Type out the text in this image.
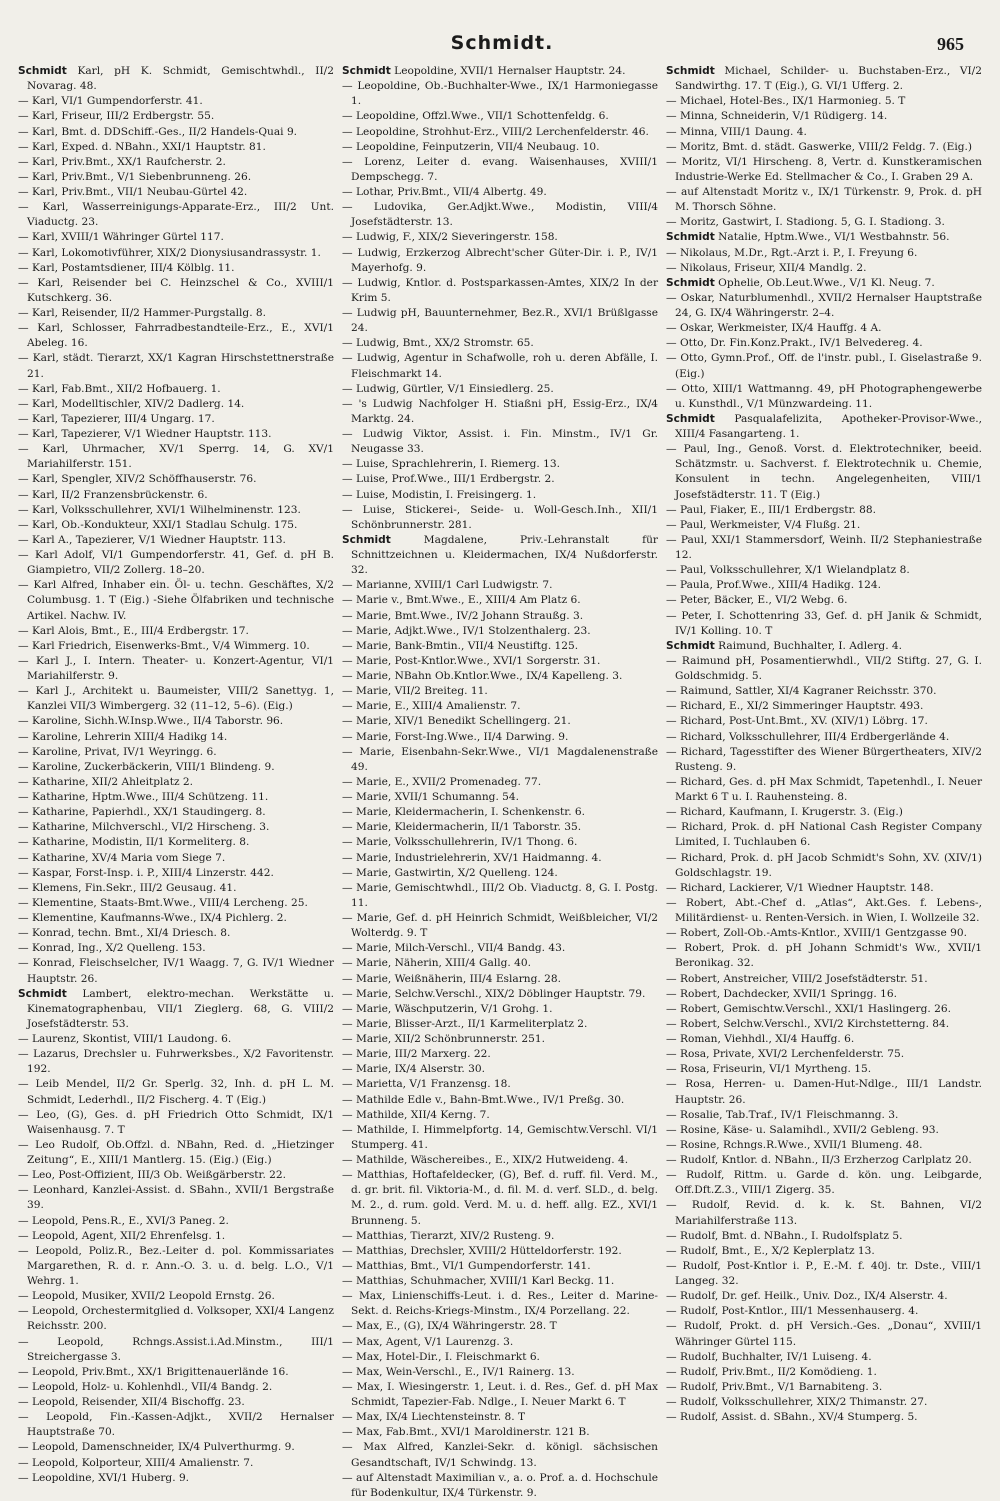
Schmidt.	965
Schmidt Karl, pH K. Schmidt, Gemischtwhdl., II/2 Novarag. 48.
— Karl, VI/1 Gumpendorferstr. 41.
— Karl, Friseur, III/2 Erdbergstr. 55.
— Karl, Bmt. d. DDSchiff.-Ges., II/2 Handels-Quai 9.
— Karl, Exped. d. NBahn., XXI/1 Hauptstr. 81.
— Karl, Priv.Bmt., XX/1 Raufcherstr. 2.
— Karl, Priv.Bmt., V/1 Siebenbrunneng. 26.
— Karl, Priv.Bmt., VII/1 Neubau-Gürtel 42.
— Karl, Wasserreinigungs-Apparate-Erz., III/2 Unt. Viaductg. 23.
— Karl, XVIII/1 Währinger Gürtel 117.
— Karl, Lokomotivführer, XIX/2 Dionysiusandrassystr. 1.
— Karl, Postamtsdiener, III/4 Kölblg. 11.
— Karl, Reisender bei C. Heinzschel & Co., XVIII/1 Kutschkerg. 36.
— Karl, Reisender, II/2 Hammer-Purgstallg. 8.
— Karl, Schlosser, Fahrradbestandteile-Erz., E., XVI/1 Abeleg. 16.
— Karl, städt. Tierarzt, XX/1 Kagran Hirschstettnerstraße 21.
— Karl, Fab.Bmt., XII/2 Hofbauerg. 1.
— Karl, Modelltischler, XIV/2 Dadlerg. 14.
— Karl, Tapezierer, III/4 Ungarg. 17.
— Karl, Tapezierer, V/1 Wiedner Hauptstr. 113.
— Karl, Uhrmacher, XV/1 Sperrg. 14, G. XV/1 Mariahilferstr. 151.
— Karl, Spengler, XIV/2 Schöffhauserstr. 76.
— Karl, II/2 Franzensbrückenstr. 6.
— Karl, Volksschullehrer, XVI/1 Wilhelminenstr. 123.
— Karl, Ob.-Kondukteur, XXI/1 Stadlau Schulg. 175.
— Karl A., Tapezierer, V/1 Wiedner Hauptstr. 113.
— Karl Adolf, VI/1 Gumpendorferstr. 41, Gef. d. pH B. Giampietro, VII/2 Zollerg. 18–20.
— Karl Alfred, Inhaber ein. Öl- u. techn. Geschäftes, X/2 Columbusg. 1. T (Eig.) -Siehe Ölfabriken und technische Artikel. Nachw. IV.
— Karl Alois, Bmt., E., III/4 Erdbergstr. 17.
— Karl Friedrich, Eisenwerks-Bmt., V/4 Wimmerg. 10.
— Karl J., I. Intern. Theater- u. Konzert-Agentur, VI/1 Mariahilferstr. 9.
— Karl J., Architekt u. Baumeister, VIII/2 Sanettyg. 1, Kanzlei VII/3 Wimbergerg. 32 (11–12, 5–6). (Eig.)
— Karoline, Sichh.W.Insp.Wwe., II/4 Taborstr. 96.
— Karoline, Lehrerin XIII/4 Hadikg 14.
— Karoline, Privat, IV/1 Weyringg. 6.
— Karoline, Zuckerbäckerin, VIII/1 Blindeng. 9.
— Katharine, XII/2 Ahleitplatz 2.
— Katharine, Hptm.Wwe., III/4 Schützeng. 11.
— Katharine, Papierhdl., XX/1 Staudingerg. 8.
— Katharine, Milchverschl., VI/2 Hirscheng. 3.
— Katharine, Modistin, II/1 Kormeliterg. 8.
— Katharine, XV/4 Maria vom Siege 7.
— Kaspar, Forst-Insp. i. P., XIII/4 Linzerstr. 442.
— Klemens, Fin.Sekr., III/2 Geusaug. 41.
— Klementine, Staats-Bmt.Wwe., VIII/4 Lercheng. 25.
— Klementine, Kaufmanns-Wwe., IX/4 Pichlerg. 2.
— Konrad, techn. Bmt., XI/4 Driesch. 8.
— Konrad, Ing., X/2 Quelleng. 153.
— Konrad, Fleischselcher, IV/1 Waagg. 7, G. IV/1 Wiedner Hauptstr. 26.
Schmidt Lambert, elektro-mechan. Werkstätte u. Kinematographenbau, VII/1 Zieglerg. 68, G. VIII/2 Josefstädterstr. 53.
— Laurenz, Skontist, VIII/1 Laudong. 6.
— Lazarus, Drechsler u. Fuhrwerksbes., X/2 Favoritenstr. 192.
— Leib Mendel, II/2 Gr. Sperlg. 32, Inh. d. pH L. M. Schmidt, Lederhdl., II/2 Fischerg. 4. T (Eig.)
— Leo, (G), Ges. d. pH Friedrich Otto Schmidt, IX/1 Waisenhausg. 7. T
— Leo Rudolf, Ob.Offzl. d. NBahn, Red. d. „Hietzinger Zeitung“, E., XIII/1 Mantlerg. 15. (Eig.) (Eig.)
— Leo, Post-Offizient, III/3 Ob. Weißgärberstr. 22.
— Leonhard, Kanzlei-Assist. d. SBahn., XVII/1 Bergstraße 39.
— Leopold, Pens.R., E., XVI/3 Paneg. 2.
— Leopold, Agent, XII/2 Ehrenfelsg. 1.
— Leopold, Poliz.R., Bez.-Leiter d. pol. Kommissariates Margarethen, R. d. r. Ann.-O. 3. u. d. belg. L.O., V/1 Wehrg. 1.
— Leopold, Musiker, XVII/2 Leopold Ernstg. 26.
— Leopold, Orchestermitglied d. Volksoper, XXI/4 Langenz Reichsstr. 200.
— Leopold, Rchngs.Assist.i.Ad.Minstm., III/1 Streichergasse 3.
— Leopold, Priv.Bmt., XX/1 Brigittenauerlände 16.
— Leopold, Holz- u. Kohlenhdl., VII/4 Bandg. 2.
— Leopold, Reisender, XII/4 Bischoffg. 23.
— Leopold, Fin.-Kassen-Adjkt., XVII/2 Hernalser Hauptstraße 70.
— Leopold, Damenschneider, IX/4 Pulverthurmg. 9.
— Leopold, Kolporteur, XIII/4 Amalienstr. 7.
— Leopoldine, XVI/1 Huberg. 9.
Schmidt Leopoldine, XVII/1 Hernalser Hauptstr. 24.
— Leopoldine, Ob.-Buchhalter-Wwe., IX/1 Harmoniegasse 1.
— Leopoldine, Offzl.Wwe., VII/1 Schottenfeldg. 6.
— Leopoldine, Strohhut-Erz., VIII/2 Lerchenfelderstr. 46.
— Leopoldine, Feinputzerin, VII/4 Neubaug. 10.
— Lorenz, Leiter d. evang. Waisenhauses, XVIII/1 Dempschegg. 7.
— Lothar, Priv.Bmt., VII/4 Albertg. 49.
— Ludovika, Ger.Adjkt.Wwe., Modistin, VIII/4 Josefstädterstr. 13.
— Ludwig, F., XIX/2 Sieveringerstr. 158.
— Ludwig, Erzkerzog Albrecht'scher Güter-Dir. i. P., IV/1 Mayerhofg. 9.
— Ludwig, Kntlor. d. Postsparkassen-Amtes, XIX/2 In der Krim 5.
— Ludwig pH, Bauunternehmer, Bez.R., XVI/1 Brüßlgasse 24.
— Ludwig, Bmt., XX/2 Stromstr. 65.
— Ludwig, Agentur in Schafwolle, roh u. deren Abfälle, I. Fleischmarkt 14.
— Ludwig, Gürtler, V/1 Einsiedlerg. 25.
— 's Ludwig Nachfolger H. Stiaßni pH, Essig-Erz., IX/4 Marktg. 24.
— Ludwig Viktor, Assist. i. Fin. Minstm., IV/1 Gr. Neugasse 33.
— Luise, Sprachlehrerin, I. Riemerg. 13.
— Luise, Prof.Wwe., III/1 Erdbergstr. 2.
— Luise, Modistin, I. Freisingerg. 1.
— Luise, Stickerei-, Seide- u. Woll-Gesch.Inh., XII/1 Schönbrunnerstr. 281.
Schmidt	Magdalene, Priv.-Lehranstalt für Schnittzeichnen u. Kleidermachen, IX/4 Nußdorferstr. 32.
— Marianne, XVIII/1 Carl Ludwigstr. 7.
— Marie v., Bmt.Wwe., E., XIII/4 Am Platz 6.
— Marie, Bmt.Wwe., IV/2 Johann Straußg. 3.
— Marie, Adjkt.Wwe., IV/1 Stolzenthalerg. 23.
— Marie, Bank-Bmtin., VII/4 Neustiftg. 125.
— Marie, Post-Kntlor.Wwe., XVI/1 Sorgerstr. 31.
— Marie, NBahn Ob.Kntlor.Wwe., IX/4 Kapelleng. 3.
— Marie, VII/2 Breiteg. 11.
— Marie, E., XIII/4 Amalienstr. 7.
— Marie, XIV/1 Benedikt Schellingerg. 21.
— Marie, Forst-Ing.Wwe., II/4 Darwing. 9.
— Marie, Eisenbahn-Sekr.Wwe., VI/1 Magdalenenstraße 49.
— Marie, E., XVII/2 Promenadeg. 77.
— Marie, XVII/1 Schumanng. 54.
— Marie, Kleidermacherin, I. Schenkenstr. 6.
— Marie, Kleidermacherin, II/1 Taborstr. 35.
— Marie, Volksschullehrerin, IV/1 Thong. 6.
— Marie, Industrielehrerin, XV/1 Haidmanng. 4.
— Marie, Gastwirtin, X/2 Quelleng. 124.
— Marie, Gemischtwhdl., III/2 Ob. Viaductg. 8, G. I. Postg. 11.
— Marie, Gef. d. pH Heinrich Schmidt, Weißbleicher, VI/2 Wolterdg. 9. T
— Marie, Milch-Verschl., VII/4 Bandg. 43.
— Marie, Näherin, XIII/4 Gallg. 40.
— Marie, Weißnäherin, III/4 Eslarng. 28.
— Marie, Selchw.Verschl., XIX/2 Döblinger Hauptstr. 79.
— Marie, Wäschputzerin, V/1 Grohg. 1.
— Marie, Blisser-Arzt., II/1 Karmeliterplatz 2.
— Marie, XII/2 Schönbrunnerstr. 251.
— Marie, III/2 Marxerg. 22.
— Marie, IX/4 Alserstr. 30.
— Marietta, V/1 Franzensg. 18.
— Mathilde Edle v., Bahn-Bmt.Wwe., IV/1 Preßg. 30.
— Mathilde, XII/4 Kerng. 7.
— Mathilde, I. Himmelpfortg. 14, Gemischtw.Verschl. VI/1 Stumperg. 41.
— Mathilde, Wäschereibes., E., XIX/2 Hutweideng. 4.
— Matthias, Hoftafeldecker, (G), Bef. d. ruff. fil. Verd. M., d. gr. brit. fil. Viktoria-M., d. fil. M. d. verf. SLD., d. belg. M. 2., d. rum. gold. Verd. M. u. d. heff. allg. EZ., XVI/1 Brunneng. 5.
— Matthias, Tierarzt, XIV/2 Rusteng. 9.
— Matthias, Drechsler, XVIII/2 Hütteldorferstr. 192.
— Matthias, Bmt., VI/1 Gumpendorferstr. 141.
— Matthias, Schuhmacher, XVIII/1 Karl Beckg. 11.
— Max, Linienschiffs-Leut. i. d. Res., Leiter d. Marine-Sekt. d. Reichs-Kriegs-Minstm., IX/4 Porzellang. 22.
— Max, E., (G), IX/4 Währingerstr. 28. T
— Max, Agent, V/1 Laurenzg. 3.
— Max, Hotel-Dir., I. Fleischmarkt 6.
— Max, Wein-Verschl., E., IV/1 Rainerg. 13.
— Max, I. Wiesingerstr. 1, Leut. i. d. Res., Gef. d. pH Max Schmidt, Tapezier-Fab. Ndlge., I. Neuer Markt 6. T
— Max, IX/4 Liechtensteinstr. 8. T
— Max, Fab.Bmt., XVI/1 Maroldinerstr. 121 B.
— Max Alfred, Kanzlei-Sekr. d. königl. sächsischen Gesandtschaft, IV/1 Schwindg. 13.
— auf Altenstadt Maximilian v., a. o. Prof. a. d. Hochschule für Bodenkultur, IX/4 Türkenstr. 9.
Schmidt Michael, Schilder- u. Buchstaben-Erz., VI/2 Sandwirthg. 17. T (Eig.), G. VI/1 Ufferg. 2.
— Michael, Hotel-Bes., IX/1 Harmonieg. 5. T
— Minna, Schneiderin, V/1 Rüdigerg. 14.
— Minna, VIII/1 Daung. 4.
— Moritz, Bmt. d. städt. Gaswerke, VIII/2 Feldg. 7. (Eig.)
— Moritz, VI/1 Hirscheng. 8, Vertr. d. Kunstkeramischen Industrie-Werke Ed. Stellmacher & Co., I. Graben 29 A.
— auf Altenstadt Moritz v., IX/1 Türkenstr. 9, Prok. d. pH M. Thorsch Söhne.
— Moritz, Gastwirt, I. Stadiong. 5, G. I. Stadiong. 3.
Schmidt Natalie, Hptm.Wwe., VI/1 Westbahnstr. 56.
— Nikolaus, M.Dr., Rgt.-Arzt i. P., I. Freyung 6.
— Nikolaus, Friseur, XII/4 Mandlg. 2.
Schmidt Ophelie, Ob.Leut.Wwe., V/1 Kl. Neug. 7.
— Oskar, Naturblumenhdl., XVII/2 Hernalser Hauptstraße 24, G. IX/4 Währingerstr. 2–4.
— Oskar, Werkmeister, IX/4 Hauffg. 4 A.
— Otto, Dr. Fin.Konz.Prakt., IV/1 Belvedereg. 4.
— Otto, Gymn.Prof., Off. de l'instr. publ., I. Giselastraße 9. (Eig.)
— Otto, XIII/1 Wattmanng. 49, pH Photographengewerbe u. Kunsthdl., V/1 Münzwardeing. 11.
Schmidt Pasqualafelizita, Apotheker-Provisor-Wwe., XIII/4 Fasangarteng. 1.
— Paul, Ing., Genoß. Vorst. d. Elektrotechniker, beeid. Schätzmstr. u. Sachverst. f. Elektrotechnik u. Chemie, Konsulent in techn. Angelegenheiten, VIII/1 Josefstädterstr. 11. T (Eig.)
— Paul, Fiaker, E., III/1 Erdbergstr. 88.
— Paul, Werkmeister, V/4 Flußg. 21.
— Paul, XXI/1 Stammersdorf, Weinh. II/2 Stephaniestraße 12.
— Paul, Volksschullehrer, X/1 Wielandplatz 8.
— Paula, Prof.Wwe., XIII/4 Hadikg. 124.
— Peter, Bäcker, E., VI/2 Webg. 6.
— Peter, I. Schottenring 33, Gef. d. pH Janik & Schmidt, IV/1 Kolling. 10. T
Schmidt Raimund, Buchhalter, I. Adlerg. 4.
— Raimund pH, Posamentierwhdl., VII/2 Stiftg. 27, G. I. Goldschmidg. 5.
— Raimund, Sattler, XI/4 Kagraner Reichsstr. 370.
— Richard, E., XI/2 Simmeringer Hauptstr. 493.
— Richard, Post-Unt.Bmt., XV. (XIV/1) Löbrg. 17.
— Richard, Volksschullehrer, III/4 Erdbergerlände 4.
— Richard, Tagesstifter des Wiener Bürgertheaters, XIV/2 Rusteng. 9.
— Richard, Ges. d. pH Max Schmidt, Tapetenhdl., I. Neuer Markt 6 T u. I. Rauhensteing. 8.
— Richard, Kaufmann, I. Krugerstr. 3. (Eig.)
— Richard, Prok. d. pH National Cash Register Company Limited, I. Tuchlauben 6.
— Richard, Prok. d. pH Jacob Schmidt's Sohn, XV. (XIV/1) Goldschlagstr. 19.
— Richard, Lackierer, V/1 Wiedner Hauptstr. 148.
— Robert, Abt.-Chef d. „Atlas“, Akt.Ges. f. Lebens-, Militärdienst- u. Renten-Versich. in Wien, I. Wollzeile 32.
— Robert, Zoll-Ob.-Amts-Kntlor., XVIII/1 Gentzgasse 90.
— Robert, Prok. d. pH Johann Schmidt's Ww., XVII/1 Beronikag. 32.
— Robert, Anstreicher, VIII/2 Josefstädterstr. 51.
— Robert, Dachdecker, XVII/1 Springg. 16.
— Robert, Gemischtw.Verschl., XXI/1 Haslingerg. 26.
— Robert, Selchw.Verschl., XVI/2 Kirchstetterng. 84.
— Roman, Viehhdl., XI/4 Hauffg. 6.
— Rosa, Private, XVI/2 Lerchenfelderstr. 75.
— Rosa, Friseurin, VI/1 Myrtheng. 15.
— Rosa, Herren- u. Damen-Hut-Ndlge., III/1 Landstr. Hauptstr. 26.
— Rosalie, Tab.Traf., IV/1 Fleischmanng. 3.
— Rosine, Käse- u. Salamihdl., XVII/2 Gebleng. 93.
— Rosine, Rchngs.R.Wwe., XVII/1 Blumeng. 48.
— Rudolf, Kntlor. d. NBahn., II/3 Erzherzog Carlplatz 20.
— Rudolf, Rittm. u. Garde d. kön. ung. Leibgarde, Off.Dft.Z.3., VIII/1 Zigerg. 35.
— Rudolf, Revid. d. k. k. St. Bahnen, VI/2 Mariahilferstraße 113.
— Rudolf, Bmt. d. NBahn., I. Rudolfsplatz 5.
— Rudolf, Bmt., E., X/2 Keplerplatz 13.
— Rudolf, Post-Kntlor i. P., E.-M. f. 40j. tr. Dste., VIII/1 Langeg. 32.
— Rudolf, Dr. gef. Heilk., Univ. Doz., IX/4 Alserstr. 4.
— Rudolf, Post-Kntlor., III/1 Messenhauserg. 4.
— Rudolf, Prokt. d. pH Versich.-Ges. „Donau“, XVIII/1 Währinger Gürtel 115.
— Rudolf, Buchhalter, IV/1 Luiseng. 4.
— Rudolf, Priv.Bmt., II/2 Komödieng. 1.
— Rudolf, Priv.Bmt., V/1 Barnabiteng. 3.
— Rudolf, Volksschullehrer, XIX/2 Thimanstr. 27.
— Rudolf, Assist. d. SBahn., XV/4 Stumperg. 5.
